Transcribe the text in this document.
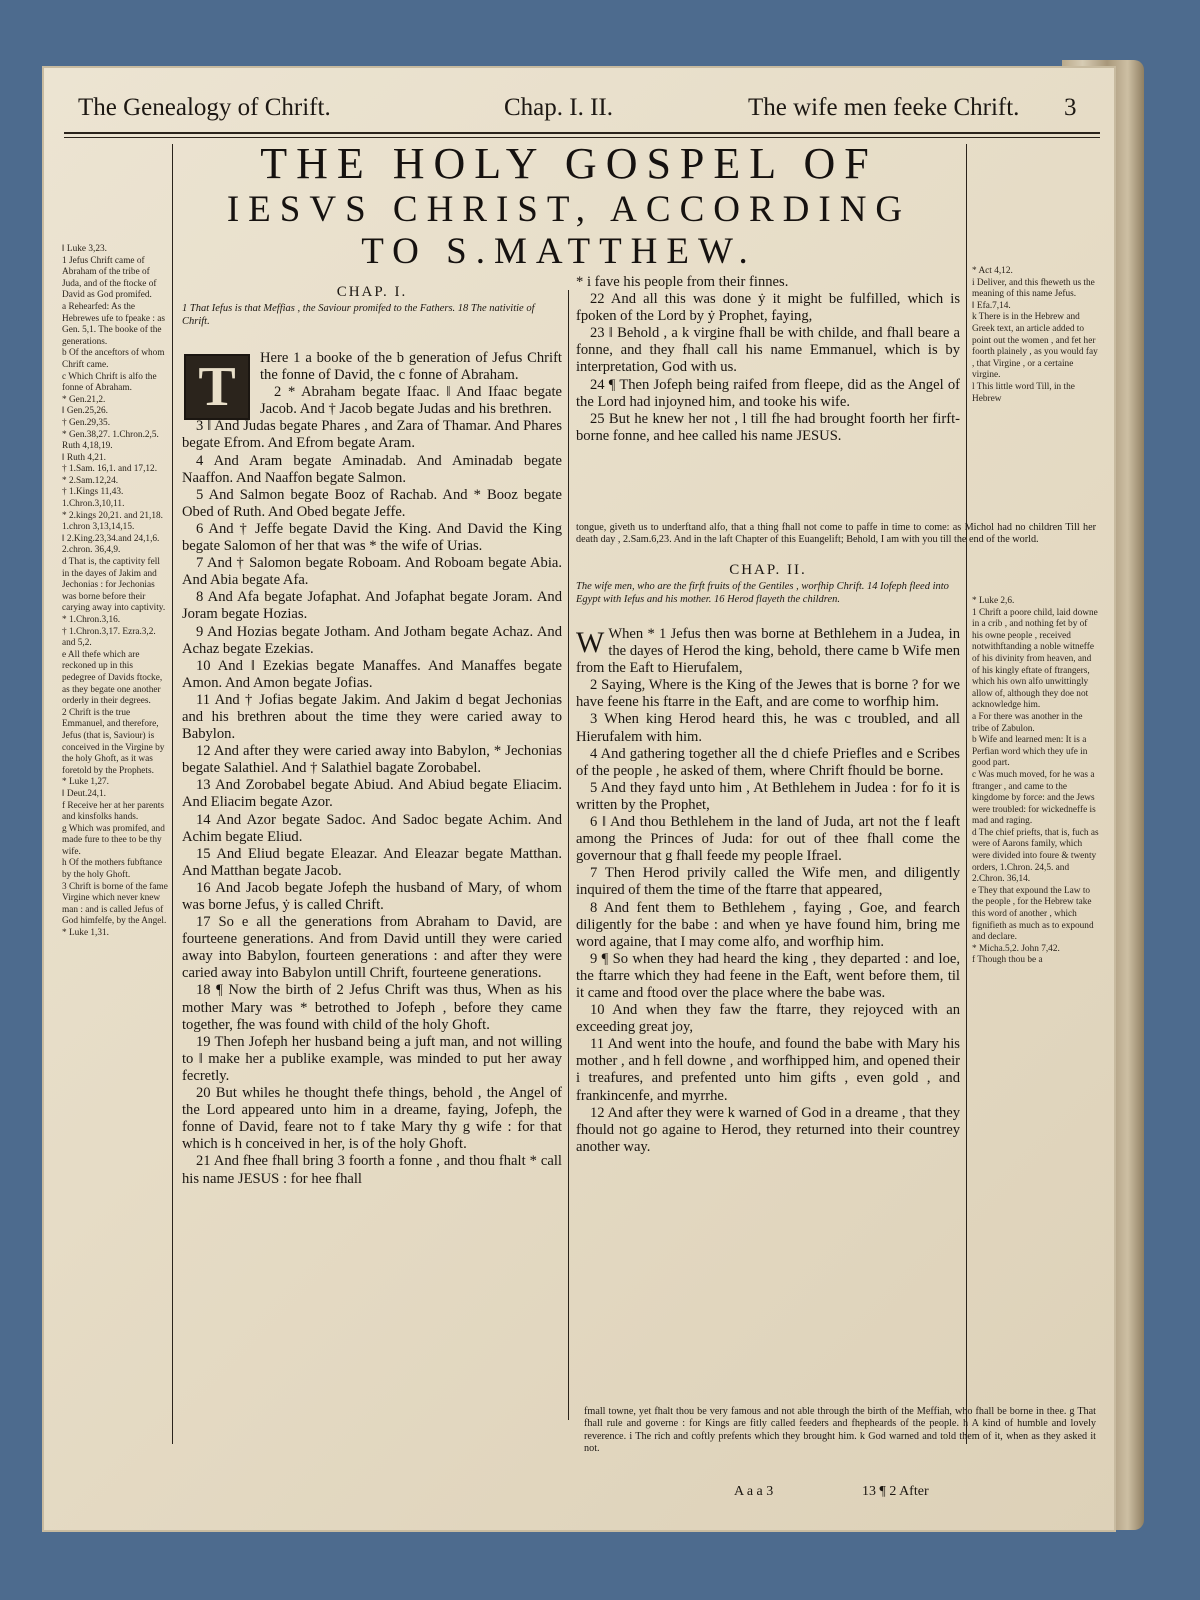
The Genealogy of Chrift.	Chap. I. II.	The wife men feeke Chrift. 3
THE HOLY GOSPEL OF
IESVS CHRIST, ACCORDING
TO S.MATTHEW.
‖ Luke 3,23.
1 Jefus Chrift came of Abraham of the tribe of Juda, and of the ftocke of David as God promifed.
a Rehearfed: As the Hebrewes ufe to fpeake : as Gen. 5,1. The booke of the generations.
b Of the anceftors of whom Chrift came.
c Which Chrift is alfo the fonne of Abraham.
* Gen.21,2.
‖ Gen.25,26.
† Gen.29,35.
* Gen.38,27. 1.Chron.2,5. Ruth 4,18,19.
‖ Ruth 4,21.
† 1.Sam. 16,1. and 17,12.
* 2.Sam.12,24.
† 1.Kings 11,43. 1.Chron.3,10,11.
* 2.kings 20,21. and 21,18. 1.chron 3,13,14,15.
‖ 2.King.23,34.and 24,1,6. 2.chron. 36,4,9.
d That is, the captivity fell in the dayes of Jakim and Jechonias : for Jechonias was borne before their carying away into captivity.
* 1.Chron.3,16.
† 1.Chron.3,17. Ezra.3,2. and 5,2.
e All thefe which are reckoned up in this pedegree of Davids ftocke, as they begate one another orderly in their degrees.
2 Chrift is the true Emmanuel, and therefore, Jefus (that is, Saviour) is conceived in the Virgine by the holy Ghoft, as it was foretold by the Prophets.
* Luke 1,27.
‖ Deut.24,1.
f Receive her at her parents and kinsfolks hands.
g Which was promifed, and made fure to thee to be thy wife.
h Of the mothers fubftance by the holy Ghoft.
3 Chrift is borne of the fame Virgine which never knew man : and is called Jefus of God himfelfe, by the Angel.
* Luke 1,31.
CHAP. I.
1 That Iefus is that Meffias , the Saviour promifed to the Fathers. 18 The nativitie of Chrift.
T	Here 1 a booke of the b generation of Jefus Chrift the fonne of David, the c fonne of Abraham.

2 * Abraham begate Ifaac. ‖ And Ifaac begate Jacob. And † Jacob begate Judas and his brethren.

3 ‖ And Judas begate Phares , and Zara of Thamar. And Phares begate Efrom. And Efrom begate Aram.

4 And Aram begate Aminadab. And Aminadab begate Naaffon. And Naaffon begate Salmon.

5 And Salmon begate Booz of Rachab. And * Booz begate Obed of Ruth. And Obed begate Jeffe.

6 And † Jeffe begate David the King. And David the King begate Salomon of her that was * the wife of Urias.

7 And † Salomon begate Roboam. And Roboam begate Abia. And Abia begate Afa.

8 And Afa begate Jofaphat. And Jofaphat begate Joram. And Joram begate Hozias.

9 And Hozias begate Jotham. And Jotham begate Achaz. And Achaz begate Ezekias.

10 And ‖ Ezekias begate Manaffes. And Manaffes begate Amon. And Amon begate Jofias.

11 And † Jofias begate Jakim. And Jakim d begat Jechonias and his brethren about the time they were caried away to Babylon.

12 And after they were caried away into Babylon, * Jechonias begate Salathiel. And † Salathiel bagate Zorobabel.

13 And Zorobabel begate Abiud. And Abiud begate Eliacim. And Eliacim begate Azor.

14 And Azor begate Sadoc. And Sadoc begate Achim. And Achim begate Eliud.

15 And Eliud begate Eleazar. And Eleazar begate Matthan. And Matthan begate Jacob.

16 And Jacob begate Jofeph the husband of Mary, of whom was borne Jefus, ẏ is called Chrift.

17 So e all the generations from Abraham to David, are fourteene generations. And from David untill they were caried away into Babylon, fourteen generations : and after they were caried away into Babylon untill Chrift, fourteene generations.

18 ¶ Now the birth of 2 Jefus Chrift was thus, When as his mother Mary was * betrothed to Jofeph , before they came together, fhe was found with child of the holy Ghoft.

19 Then Jofeph her husband being a juft man, and not willing to ‖ make her a publike example, was minded to put her away fecretly.

20 But whiles he thought thefe things, behold , the Angel of the Lord appeared unto him in a dreame, faying, Jofeph, the fonne of David, feare not to f take Mary thy g wife : for that which is h conceived in her, is of the holy Ghoft.

21 And fhee fhall bring 3 foorth a fonne , and thou fhalt * call his name JESUS : for hee fhall

* i fave his people from their finnes.

22 And all this was done ẏ it might be fulfilled, which is fpoken of the Lord by ẏ Prophet, faying,

23 ‖ Behold , a k virgine fhall be with childe, and fhall beare a fonne, and they fhall call his name Emmanuel, which is by interpretation, God with us.

24 ¶ Then Jofeph being raifed from fleepe, did as the Angel of the Lord had injoyned him, and tooke his wife.

25 But he knew her not , l till fhe had brought foorth her firft-borne fonne, and hee called his name JESUS.

tongue, giveth us to underftand alfo, that a thing fhall not come to paffe in time to come: as Michol had no children Till her death day , 2.Sam.6,23. And in the laft Chapter of this Euangelift; Behold, I am with you till the end of the world.
CHAP. II.
The wife men, who are the firft fruits of the Gentiles , worfhip Chrift. 14 Iofeph fleed into Egypt with Iefus and his mother. 16 Herod flayeth the children.

W When * 1 Jefus then was borne at Bethlehem in a Judea, in the dayes of Herod the king, behold, there came b Wife men from the Eaft to Hierufalem,

2 Saying, Where is the King of the Jewes that is borne ? for we have feene his ftarre in the Eaft, and are come to worfhip him.

3 When king Herod heard this, he was c troubled, and all Hierufalem with him.

4 And gathering together all the d chiefe Priefles and e Scribes of the people , he asked of them, where Chrift fhould be borne.

5 And they fayd unto him , At Bethlehem in Judea : for fo it is written by the Prophet,

6 ‖ And thou Bethlehem in the land of Juda, art not the f leaft among the Princes of Juda: for out of thee fhall come the governour that g fhall feede my people Ifrael.

7 Then Herod privily called the Wife men, and diligently inquired of them the time of the ftarre that appeared,

8 And fent them to Bethlehem , faying , Goe, and fearch diligently for the babe : and when ye have found him, bring me word againe, that I may come alfo, and worfhip him.

9 ¶ So when they had heard the king , they departed : and loe, the ftarre which they had feene in the Eaft, went before them, til it came and ftood over the place where the babe was.

10 And when they faw the ftarre, they rejoyced with an exceeding great joy,

11 And went into the houfe, and found the babe with Mary his mother , and h fell downe , and worfhipped him, and opened their i treafures, and prefented unto him gifts , even gold , and frankincenfe, and myrrhe.

12 And after they were k warned of God in a dreame , that they fhould not go againe to Herod, they returned into their countrey another way.

fmall towne, yet fhalt thou be very famous and not able through the birth of the Meffiah, who fhall be borne in thee. g That fhall rule and governe : for Kings are fitly called feeders and fhepheards of the people. h A kind of humble and lovely reverence. i The rich and coftly prefents which they brought him. k God warned and told them of it, when as they asked it not.
A a a 3	13 ¶ 2 After
* Act 4,12.
i Deliver, and this fheweth us the meaning of this name Jefus.
‖ Efa.7,14.
k There is in the Hebrew and Greek text, an article added to point out the women , and fet her foorth plainely , as you would fay , that Virgine , or a certaine virgine.
l This little word Till, in the Hebrew
* Luke 2,6.
1 Chrift a poore child, laid downe in a crib , and nothing fet by of his owne people , received notwithftanding a noble witneffe of his divinity from heaven, and of his kingly eftate of ftrangers, which his own alfo unwittingly allow of, although they doe not acknowledge him.
a For there was another in the tribe of Zabulon.
b Wife and learned men: It is a Perfian word which they ufe in good part.
c Was much moved, for he was a ftranger , and came to the kingdome by force: and the Jews were troubled: for wickedneffe is mad and raging.
d The chief priefts, that is, fuch as were of Aarons family, which were divided into foure & twenty orders, 1.Chron. 24,5. and 2.Chron. 36,14.
e They that expound the Law to the people , for the Hebrew take this word of another , which fignifieth as much as to expound and declare.
* Micha.5,2. John 7,42.
f Though thou be a
